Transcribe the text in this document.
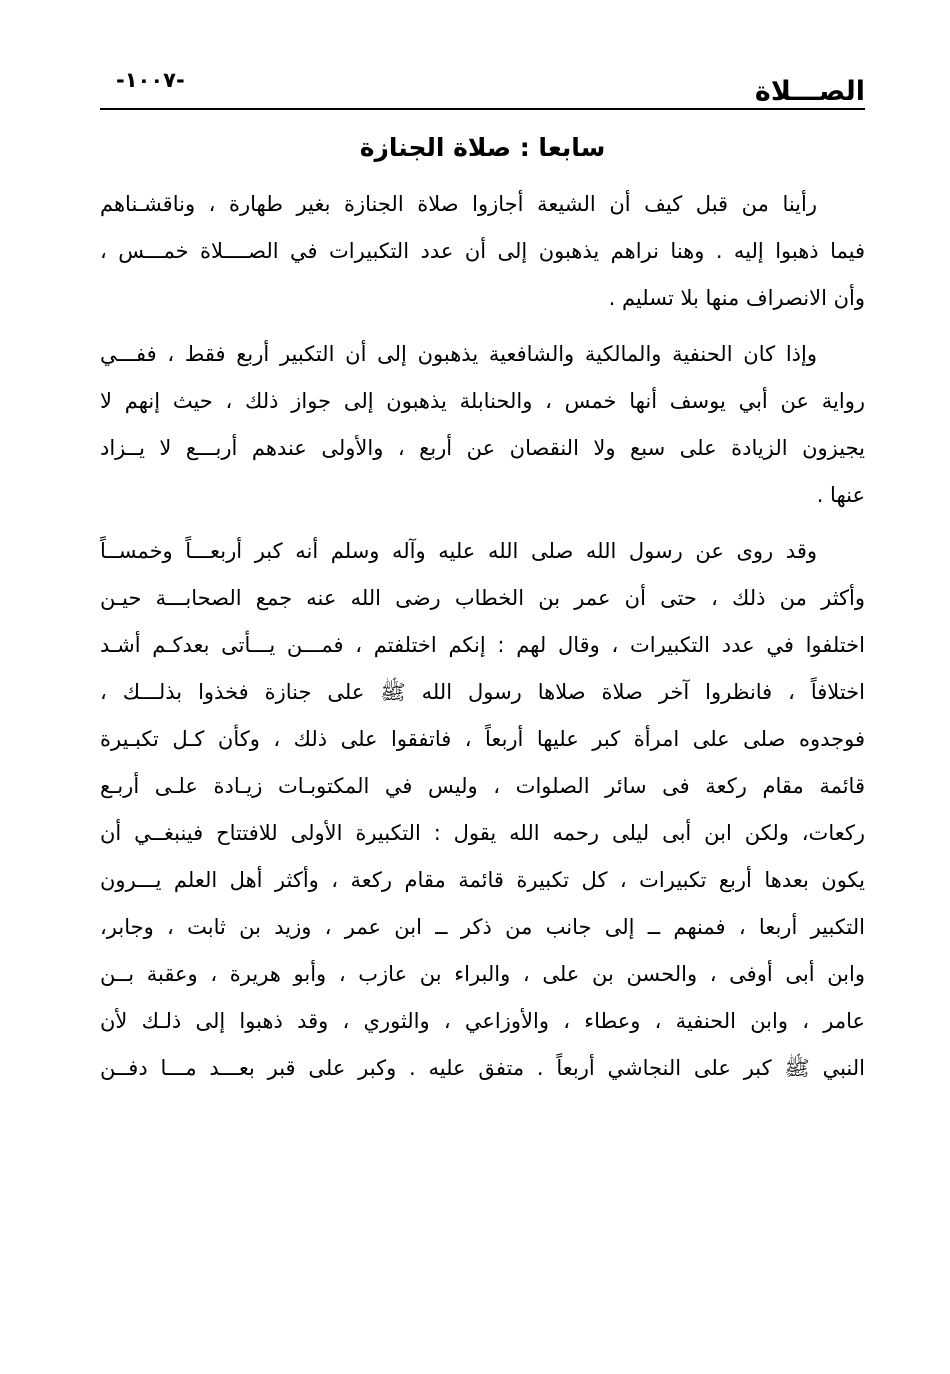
الصـــلاة
-١٠٠٧-
سابعا : صلاة الجنازة
رأينا من قبل كيف أن الشيعة أجازوا صلاة الجنازة بغير طهارة ، وناقشـناهم
فيما ذهبوا إليه . وهنا نراهم يذهبون إلى أن عدد التكبيرات في الصــــلاة خمـــس ،
وأن الانصراف منها بلا تسليم .
وإذا كان الحنفية والمالكية والشافعية يذهبون إلى أن التكبير أربع فقط ، ففـــي
رواية عن أبي يوسف أنها خمس ، والحنابلة يذهبون إلى جواز ذلك ، حيث إنهم لا
يجيزون الزيادة على سبع ولا النقصان عن أربع ، والأولى عندهم أربـــع لا يــزاد
عنها .
وقد روى عن رسول الله صلى الله عليه وآله وسلم أنه كبر أربعـــاً وخمســاً
وأكثر من ذلك ، حتى أن عمر بن الخطاب رضى الله عنه جمع الصحابـــة حيـن
اختلفوا في عدد التكبيرات ، وقال لهم : إنكم اختلفتم ، فمـــن يـــأتى بعدكـم أشـد
اختلافاً ، فانظروا آخر صلاة صلاها رسول الله ﷺ على جنازة فخذوا بذلـــك ،
فوجدوه صلى على امرأة كبر عليها أربعاً ، فاتفقوا على ذلك ، وكأن كـل تكبـيرة
قائمة مقام ركعة فى سائر الصلوات ، وليس في المكتوبـات زيـادة علـى أربـع
ركعات، ولكن ابن أبى ليلى رحمه الله يقول : التكبيرة الأولى للافتتاح فينبغــي أن
يكون بعدها أربع تكبيرات ، كل تكبيرة قائمة مقام ركعة ، وأكثر أهل العلم يـــرون
التكبير أربعا ، فمنهم ــ إلى جانب من ذكر ــ ابن عمر ، وزيد بن ثابت ، وجابر،
وابن أبى أوفى ، والحسن بن على ، والبراء بن عازب ، وأبو هريرة ، وعقبة بــن
عامر ، وابن الحنفية ، وعطاء ، والأوزاعي ، والثوري ، وقد ذهبوا إلى ذلـك لأن
النبي ﷺ كبر على النجاشي أربعاً . متفق عليه . وكبر على قبر بعـــد مـــا دفــن
